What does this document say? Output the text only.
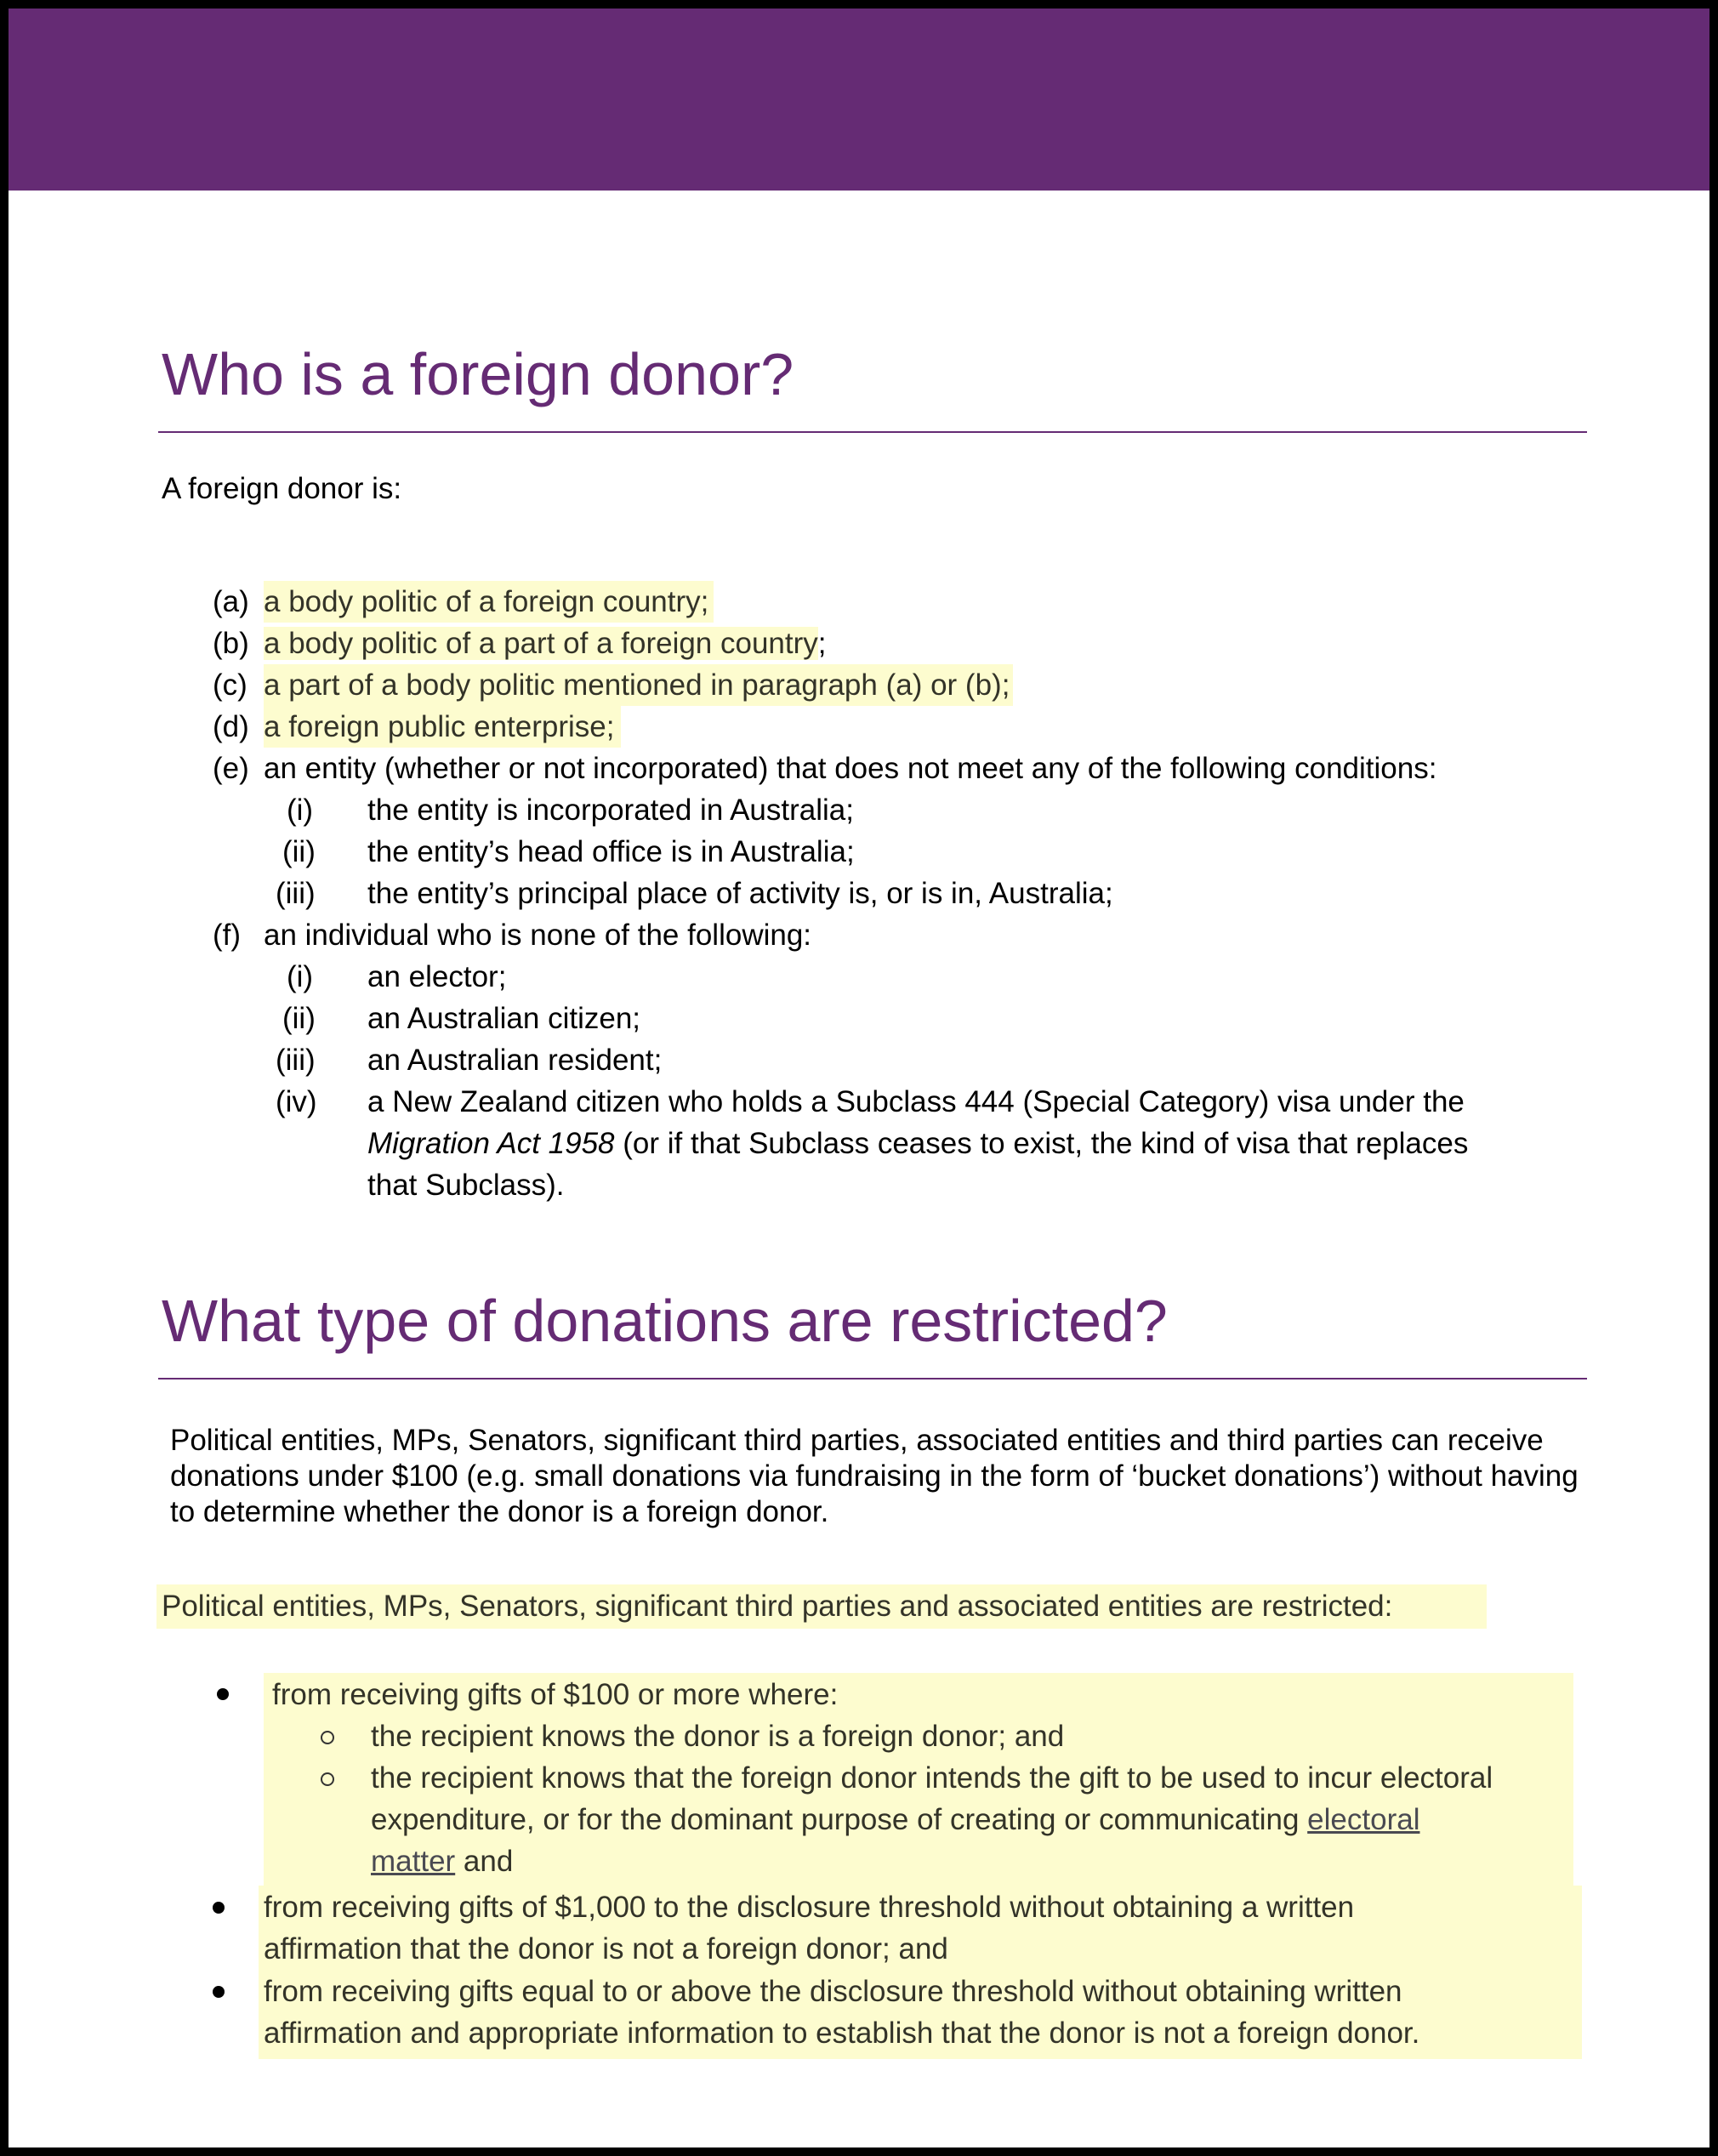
Who is a foreign donor?
A foreign donor is:
(a) a body politic of a foreign country;
(b) a body politic of a part of a foreign country;
(c) a part of a body politic mentioned in paragraph (a) or (b);
(d) a foreign public enterprise;
(e) an entity (whether or not incorporated) that does not meet any of the following conditions:
(i) the entity is incorporated in Australia;
(ii) the entity’s head office is in Australia;
(iii) the entity’s principal place of activity is, or is in, Australia;
(f) an individual who is none of the following:
(i) an elector;
(ii) an Australian citizen;
(iii) an Australian resident;
(iv) a New Zealand citizen who holds a Subclass 444 (Special Category) visa under the
Migration Act 1958 (or if that Subclass ceases to exist, the kind of visa that replaces
that Subclass).
What type of donations are restricted?
Political entities, MPs, Senators, significant third parties, associated entities and third parties can receive donations under $100 (e.g. small donations via fundraising in the form of ‘bucket donations’) without having to determine whether the donor is a foreign donor.
Political entities, MPs, Senators, significant third parties and associated entities are restricted:
from receiving gifts of $100 or more where:
the recipient knows the donor is a foreign donor; and
the recipient knows that the foreign donor intends the gift to be used to incur electoral
expenditure, or for the dominant purpose of creating or communicating electoral
matter and
from receiving gifts of $1,000 to the disclosure threshold without obtaining a written
affirmation that the donor is not a foreign donor; and
from receiving gifts equal to or above the disclosure threshold without obtaining written
affirmation and appropriate information to establish that the donor is not a foreign donor.
